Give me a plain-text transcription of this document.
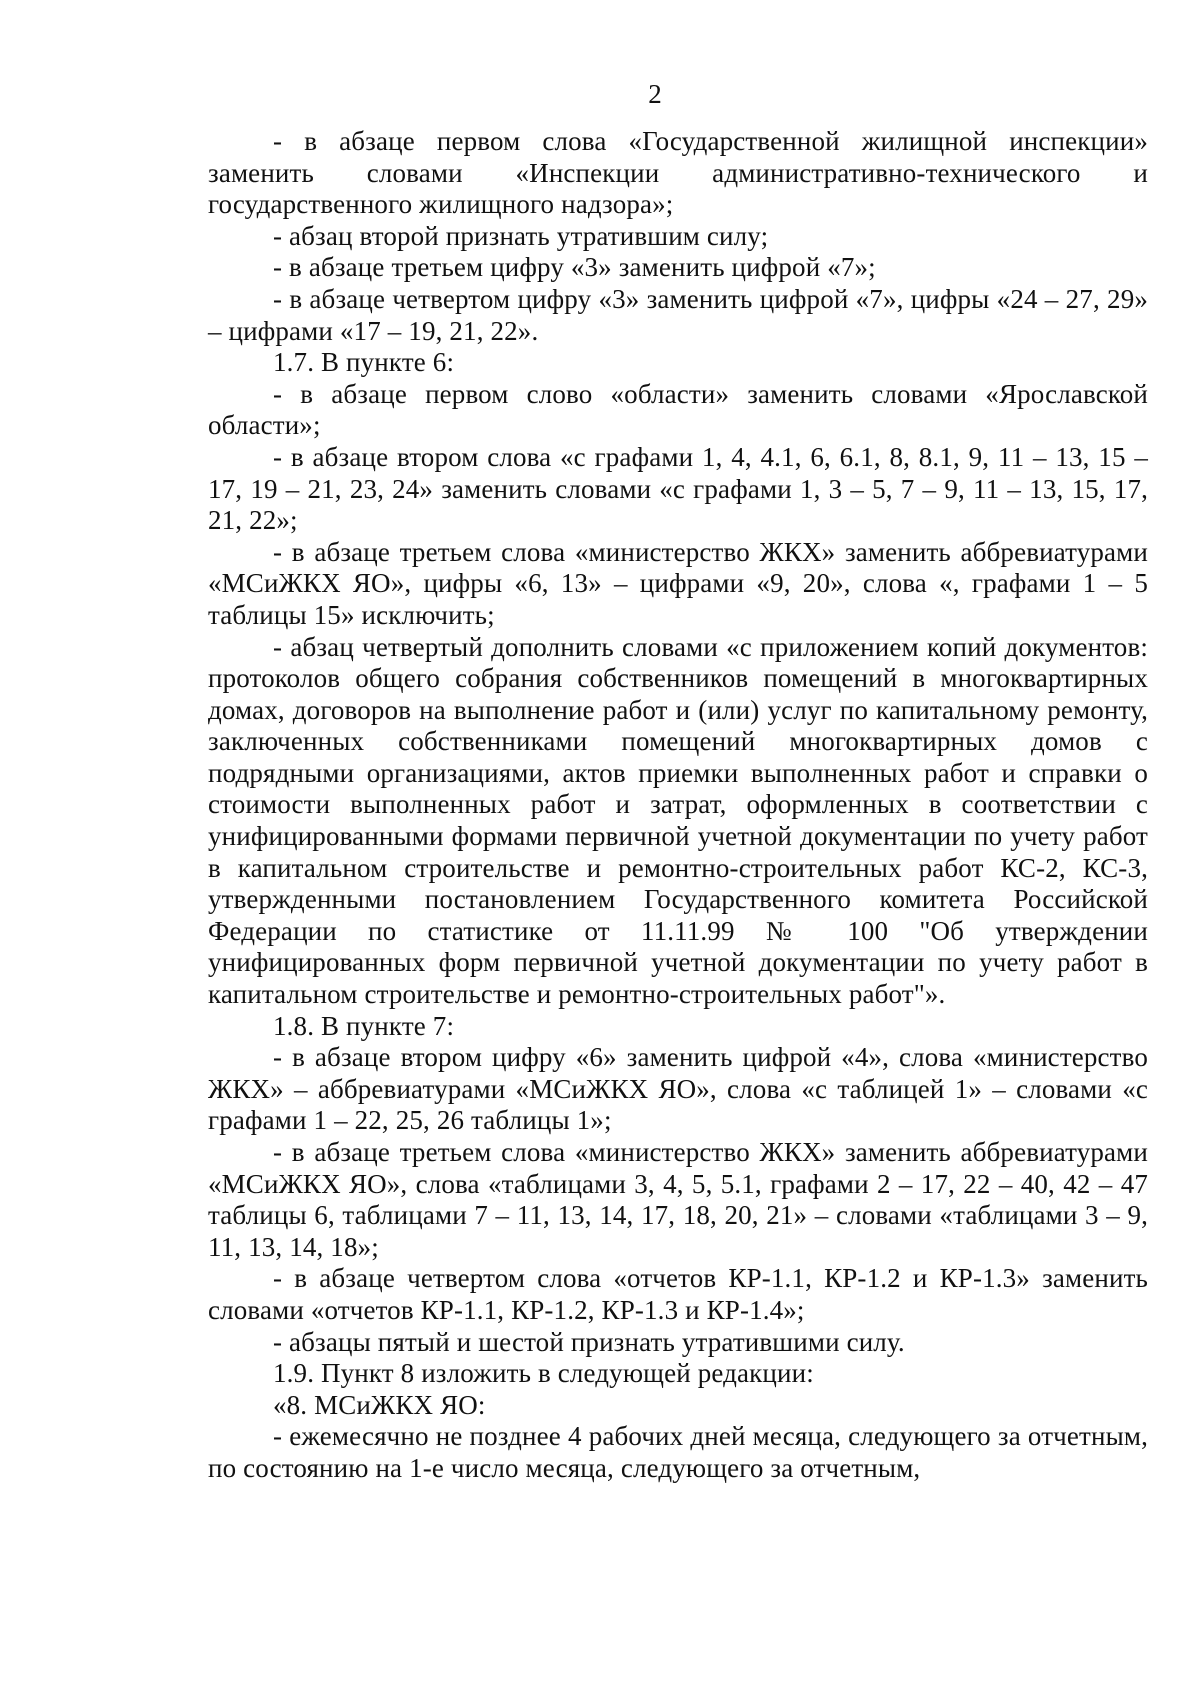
2

- в абзаце первом слова «Государственной жилищной инспекции» заменить словами «Инспекции административно-технического и государственного жилищного надзора»;

- абзац второй признать утратившим силу;

- в абзаце третьем цифру «3» заменить цифрой «7»;

- в абзаце четвертом цифру «3» заменить цифрой «7», цифры «24 – 27, 29» – цифрами «17 – 19, 21, 22».

1.7. В пункте 6:

- в абзаце первом слово «области» заменить словами «Ярославской области»;

- в абзаце втором слова «с графами 1, 4, 4.1, 6, 6.1, 8, 8.1, 9, 11 – 13, 15 – 17, 19 – 21, 23, 24» заменить словами «с графами 1, 3 – 5, 7 – 9, 11 – 13, 15, 17, 21, 22»;

- в абзаце третьем слова «министерство ЖКХ» заменить аббревиатурами «МСиЖКХ ЯО», цифры «6, 13» – цифрами «9, 20», слова «, графами 1 – 5 таблицы 15» исключить;

- абзац четвертый дополнить словами «с приложением копий документов: протоколов общего собрания собственников помещений в многоквартирных домах, договоров на выполнение работ и (или) услуг по капитальному ремонту, заключенных собственниками помещений многоквартирных домов с подрядными организациями, актов приемки выполненных работ и справки о стоимости выполненных работ и затрат, оформленных в соответствии с унифицированными формами первичной учетной документации по учету работ в капитальном строительстве и ремонтно-строительных работ КС-2, КС-3, утвержденными постановлением Государственного комитета Российской Федерации по статистике от 11.11.99 № 100 "Об утверждении унифицированных форм первичной учетной документации по учету работ в капитальном строительстве и ремонтно-строительных работ"».

1.8. В пункте 7:

- в абзаце втором цифру «6» заменить цифрой «4», слова «министерство ЖКХ» – аббревиатурами «МСиЖКХ ЯО», слова «с таблицей 1» – словами «с графами 1 – 22, 25, 26 таблицы 1»;

- в абзаце третьем слова «министерство ЖКХ» заменить аббревиатурами «МСиЖКХ ЯО», слова «таблицами 3, 4, 5, 5.1, графами 2 – 17, 22 – 40, 42 – 47 таблицы 6, таблицами 7 – 11, 13, 14, 17, 18, 20, 21» – словами «таблицами 3 – 9, 11, 13, 14, 18»;

- в абзаце четвертом слова «отчетов КР-1.1, КР-1.2 и КР-1.3» заменить словами «отчетов КР-1.1, КР-1.2, КР-1.3 и КР-1.4»;

- абзацы пятый и шестой признать утратившими силу.

1.9. Пункт 8 изложить в следующей редакции:

«8. МСиЖКХ ЯО:

- ежемесячно не позднее 4 рабочих дней месяца, следующего за отчетным, по состоянию на 1-е число месяца, следующего за отчетным,
